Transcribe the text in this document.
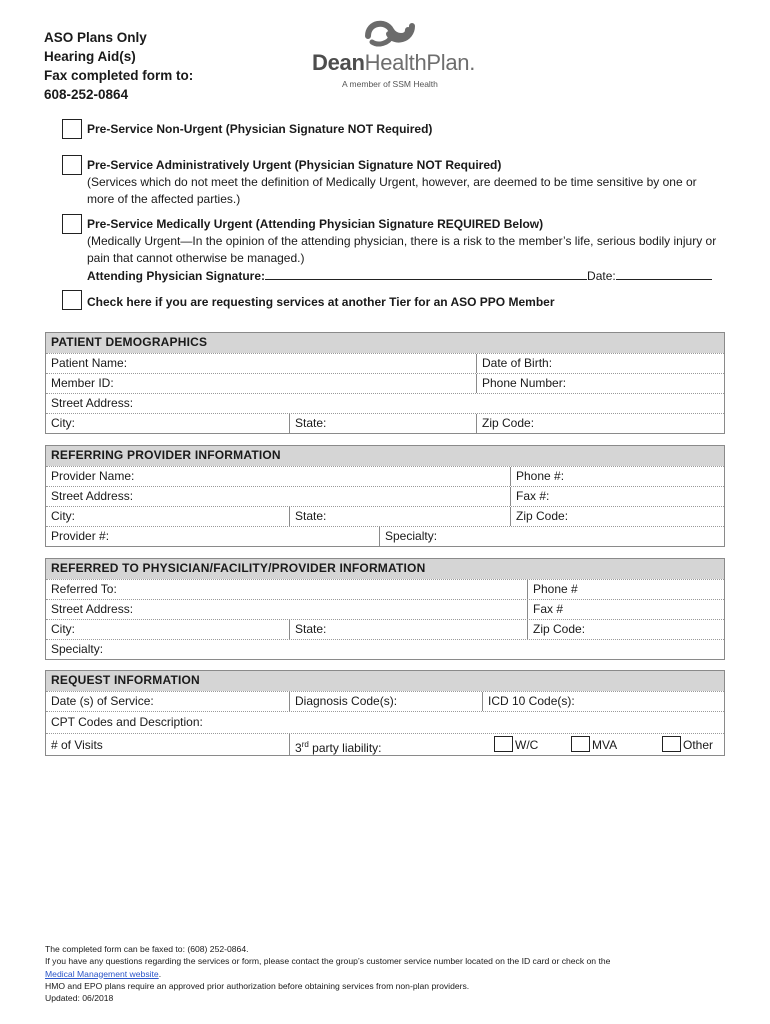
ASO Plans Only
Hearing Aid(s)
Fax completed form to:
608-252-0864
DeanHealthPlan.
A member of SSM Health
Pre-Service Non-Urgent (Physician Signature NOT Required)
Pre-Service Administratively Urgent (Physician Signature NOT Required)
(Services which do not meet the definition of Medically Urgent, however, are deemed to be time sensitive by one or more of the affected parties.)
Pre-Service Medically Urgent (Attending Physician Signature REQUIRED Below)
(Medically Urgent—In the opinion of the attending physician, there is a risk to the member’s life, serious bodily injury or pain that cannot otherwise be managed.)
Attending Physician Signature:	Date:
Check here if you are requesting services at another Tier for an ASO PPO Member
PATIENT DEMOGRAPHICS
Patient Name:	Date of Birth:
Member ID:	Phone Number:
Street Address:
City:	State:	Zip Code:
REFERRING PROVIDER INFORMATION
Provider Name:	Phone #:
Street Address:	Fax #:
City:	State:	Zip Code:
Provider #:	Specialty:
REFERRED TO PHYSICIAN/FACILITY/PROVIDER INFORMATION
Referred To:	Phone #
Street Address:	Fax #
City:	State:	Zip Code:
Specialty:
REQUEST INFORMATION
Date (s) of Service:	Diagnosis Code(s):	ICD 10 Code(s):
CPT Codes and Description:
# of Visits	3rd party liability:	W/C	MVA	Other
The completed form can be faxed to: (608) 252-0864.
If you have any questions regarding the services or form, please contact the group’s customer service number located on the ID card or check on the
Medical Management website.
HMO and EPO plans require an approved prior authorization before obtaining services from non-plan providers.
Updated: 06/2018
